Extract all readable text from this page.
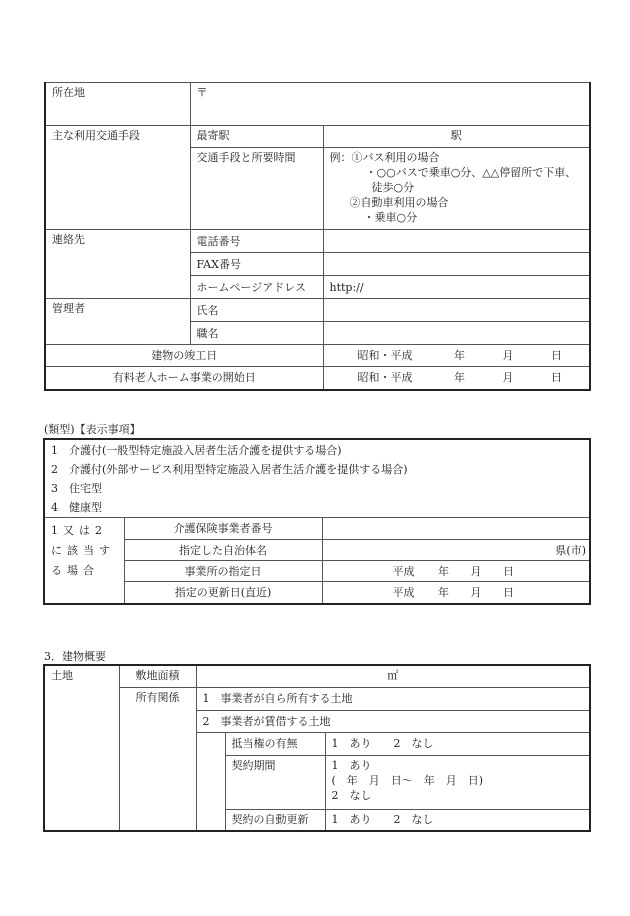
所在地	〒	
主な利用交通手段	最寄駅	駅
	交通手段と所要時間	例：①バス利用の場合
・○○バスで乗車○分、△△停留所で下車、
徒歩○分
②自動車利用の場合
・乗車○分

連絡先	電話番号	
	FAX番号	
	ホームページアドレス	http://
管理者	氏名	
	職名	
建物の竣工日		昭和・平成 年 月 日
有料老人ホーム事業の開始日		昭和・平成 年 月 日
(類型)【表示事項】
1　介護付(一般型特定施設入居者生活介護を提供する場合)		
2　介護付(外部サービス利用型特定施設入居者生活介護を提供する場合)		
3　住宅型		
4　健康型		
1又は2に該当する場合	介護保険事業者番号	
	指定した自治体名	県(市)
	事業所の指定日	平成 年 月 日
	指定の更新日(直近)	平成 年 月 日
3．建物概要
土地	敷地面積	㎡		
	所有関係	1　事業者が自ら所有する土地		
		2　事業者が賃借する土地		
			抵当権の有無	1　あり　　2　なし
			契約期間	1　あり
(　年　月　日～　年　月　日)
2　なし

			契約の自動更新	1　あり　　2　なし
